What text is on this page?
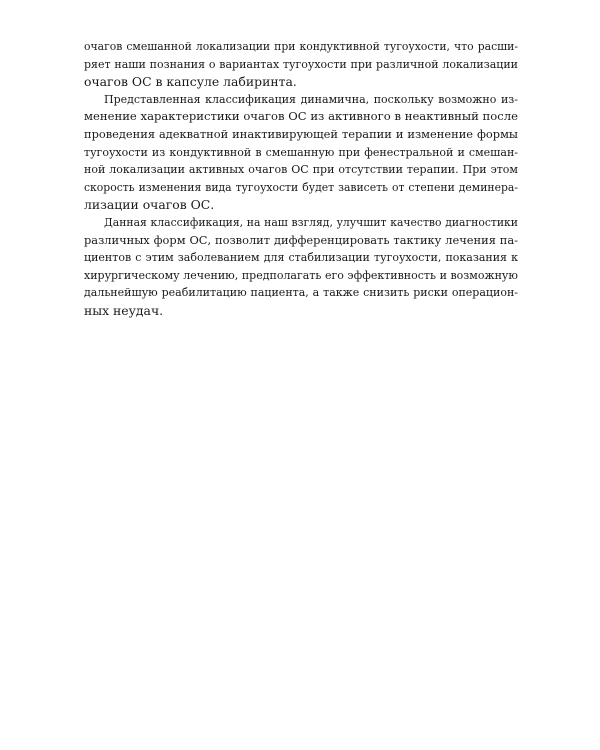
очагов смешанной локализации при кондуктивной тугоухости, что расши-
ряет наши познания о вариантах тугоухости при различной локализации
очагов ОС в капсуле лабиринта.
Представленная классификация динамична, поскольку возможно из-
менение характеристики очагов ОС из активного в неактивный после
проведения адекватной инактивирующей терапии и изменение формы
тугоухости из кондуктивной в смешанную при фенестральной и смешан-
ной локализации активных очагов ОС при отсутствии терапии. При этом
скорость изменения вида тугоухости будет зависеть от степени деминера-
лизации очагов ОС.
Данная классификация, на наш взгляд, улучшит качество диагностики
различных форм ОС, позволит дифференцировать тактику лечения па-
циентов с этим заболеванием для стабилизации тугоухости, показания к
хирургическому лечению, предполагать его эффективность и возможную
дальнейшую реабилитацию пациента, а также снизить риски операцион-
ных неудач.
